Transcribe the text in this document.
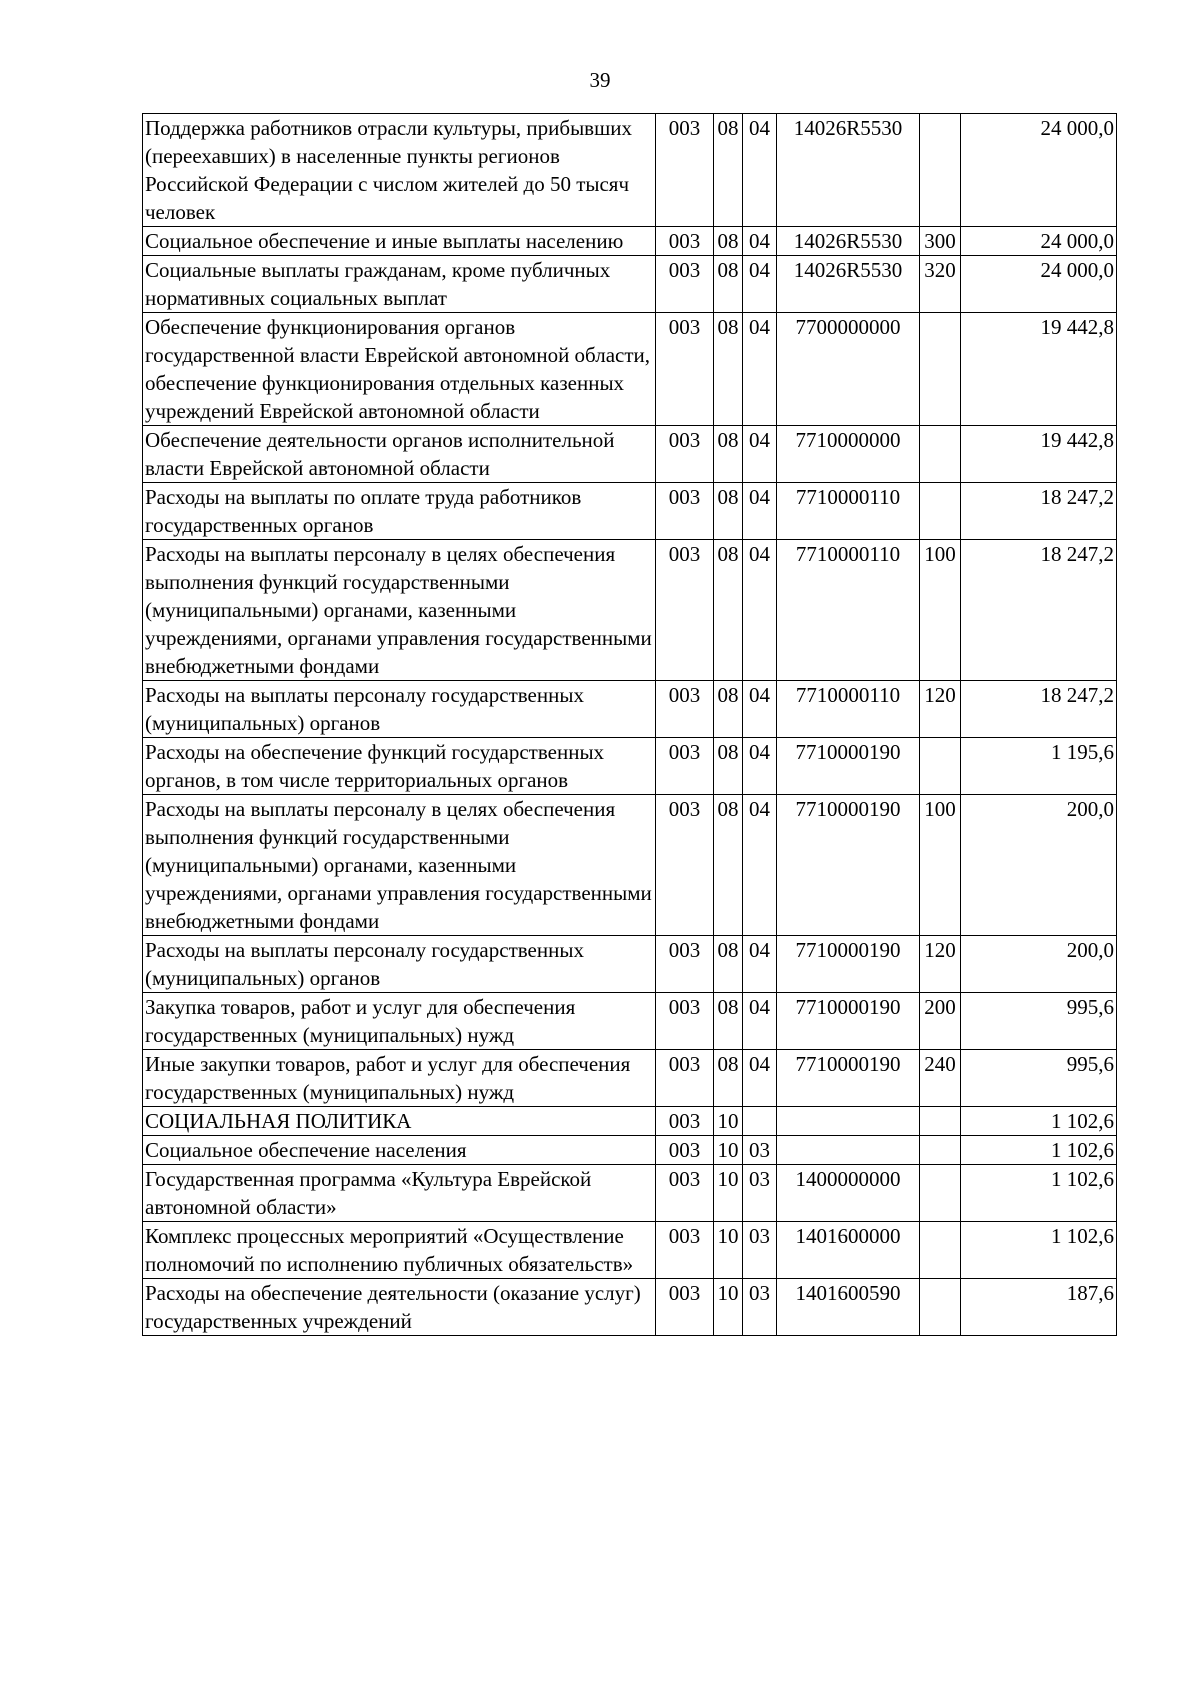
39
Поддержка работников отрасли культуры, прибывших (переехавших) в населенные пункты регионов Российской Федерации с числом жителей до 50 тысяч человек	003	08	04	14026R5530		24 000,0
Социальное обеспечение и иные выплаты населению	003	08	04	14026R5530	300	24 000,0
Социальные выплаты гражданам, кроме публичных нормативных социальных выплат	003	08	04	14026R5530	320	24 000,0
Обеспечение функционирования органов государственной власти Еврейской автономной области, обеспечение функционирования отдельных казенных учреждений Еврейской автономной области	003	08	04	7700000000		19 442,8
Обеспечение деятельности органов исполнительной власти Еврейской автономной области	003	08	04	7710000000		19 442,8
Расходы на выплаты по оплате труда работников государственных органов	003	08	04	7710000110		18 247,2
Расходы на выплаты персоналу в целях обеспечения выполнения функций государственными (муниципальными) органами, казенными учреждениями, органами управления государственными внебюджетными фондами	003	08	04	7710000110	100	18 247,2
Расходы на выплаты персоналу государственных (муниципальных) органов	003	08	04	7710000110	120	18 247,2
Расходы на обеспечение функций государственных органов, в том числе территориальных органов	003	08	04	7710000190		1 195,6
Расходы на выплаты персоналу в целях обеспечения выполнения функций государственными (муниципальными) органами, казенными учреждениями, органами управления государственными внебюджетными фондами	003	08	04	7710000190	100	200,0
Расходы на выплаты персоналу государственных (муниципальных) органов	003	08	04	7710000190	120	200,0
Закупка товаров, работ и услуг для обеспечения государственных (муниципальных) нужд	003	08	04	7710000190	200	995,6
Иные закупки товаров, работ и услуг для обеспечения государственных (муниципальных) нужд	003	08	04	7710000190	240	995,6
СОЦИАЛЬНАЯ ПОЛИТИКА	003	10				1 102,6
Социальное обеспечение населения	003	10	03			1 102,6
Государственная программа «Культура Еврейской автономной области»	003	10	03	1400000000		1 102,6
Комплекс процессных мероприятий «Осуществление полномочий по исполнению публичных обязательств»	003	10	03	1401600000		1 102,6
Расходы на обеспечение деятельности (оказание услуг) государственных учреждений	003	10	03	1401600590		187,6
